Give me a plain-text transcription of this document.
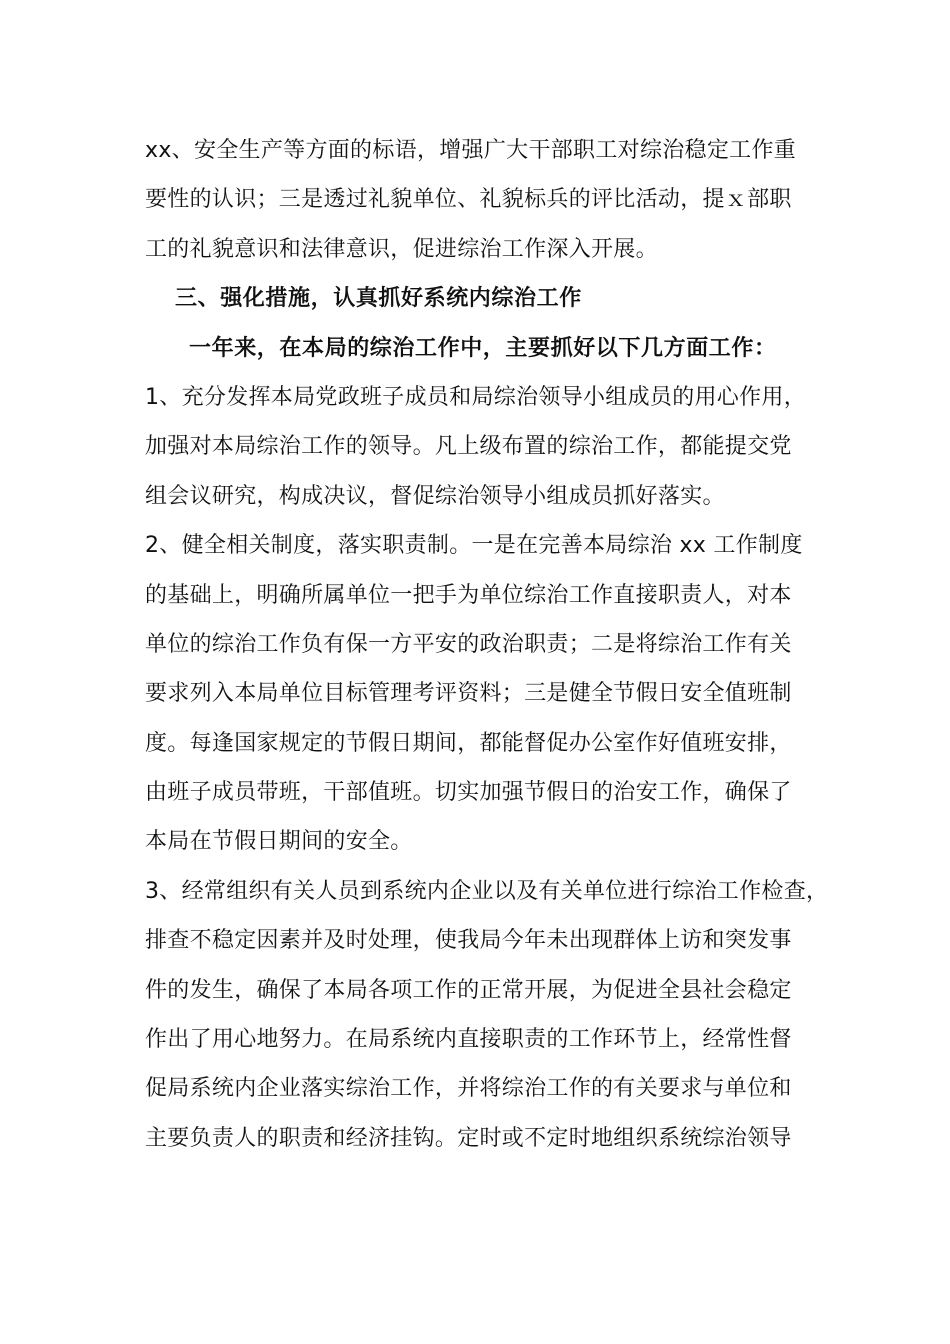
xx、安全生产等方面的标语，增强广大干部职工对综治稳定工作重
要性的认识；三是透过礼貌单位、礼貌标兵的评比活动，提ｘ部职
工的礼貌意识和法律意识，促进综治工作深入开展。
三、强化措施，认真抓好系统内综治工作
一年来，在本局的综治工作中，主要抓好以下几方面工作：
1、充分发挥本局党政班子成员和局综治领导小组成员的用心作用，
加强对本局综治工作的领导。凡上级布置的综治工作，都能提交党
组会议研究，构成决议，督促综治领导小组成员抓好落实。
2、健全相关制度，落实职责制。一是在完善本局综治 xx 工作制度
的基础上，明确所属单位一把手为单位综治工作直接职责人，对本
单位的综治工作负有保一方平安的政治职责；二是将综治工作有关
要求列入本局单位目标管理考评资料；三是健全节假日安全值班制
度。每逢国家规定的节假日期间，都能督促办公室作好值班安排，
由班子成员带班，干部值班。切实加强节假日的治安工作，确保了
本局在节假日期间的安全。
3、经常组织有关人员到系统内企业以及有关单位进行综治工作检查，
排查不稳定因素并及时处理，使我局今年未出现群体上访和突发事
件的发生，确保了本局各项工作的正常开展，为促进全县社会稳定
作出了用心地努力。在局系统内直接职责的工作环节上，经常性督
促局系统内企业落实综治工作，并将综治工作的有关要求与单位和
主要负责人的职责和经济挂钩。定时或不定时地组织系统综治领导
